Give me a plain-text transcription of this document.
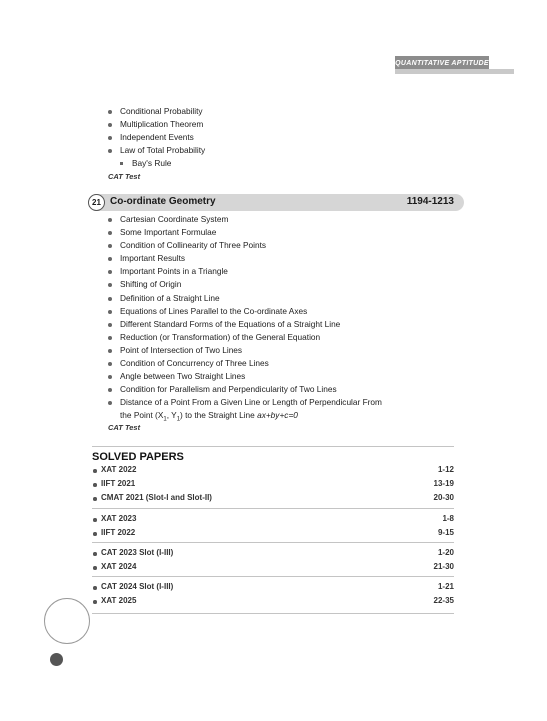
QUANTITATIVE APTITUDE
Conditional Probability
Multiplication Theorem
Independent Events
Law of Total Probability
Bay's Rule
CAT Test
21 Co-ordinate Geometry	1194-1213
Cartesian Coordinate System
Some Important Formulae
Condition of Collinearity of Three Points
Important Results
Important Points in a Triangle
Shifting of Origin
Definition of a Straight Line
Equations of Lines Parallel to the Co-ordinate Axes
Different Standard Forms of the Equations of a Straight Line
Reduction (or Transformation) of the General Equation
Point of Intersection of Two Lines
Condition of Concurrency of Three Lines
Angle between Two Straight Lines
Condition for Parallelism and Perpendicularity of Two Lines
Distance of a Point From a Given Line or Length of Perpendicular From
the Point ($X_1$, $Y_1$) to the Straight Line ax+by+c=0
CAT Test
SOLVED PAPERS
XAT 2022	1-12
IIFT 2021	13-19
CMAT 2021 (Slot-I and Slot-II)	20-30
XAT 2023	1-8
IIFT 2022	9-15
CAT 2023 Slot (I-III)	1-20
XAT 2024	21-30
CAT 2024 Slot (I-III)	1-21
XAT 2025	22-35
